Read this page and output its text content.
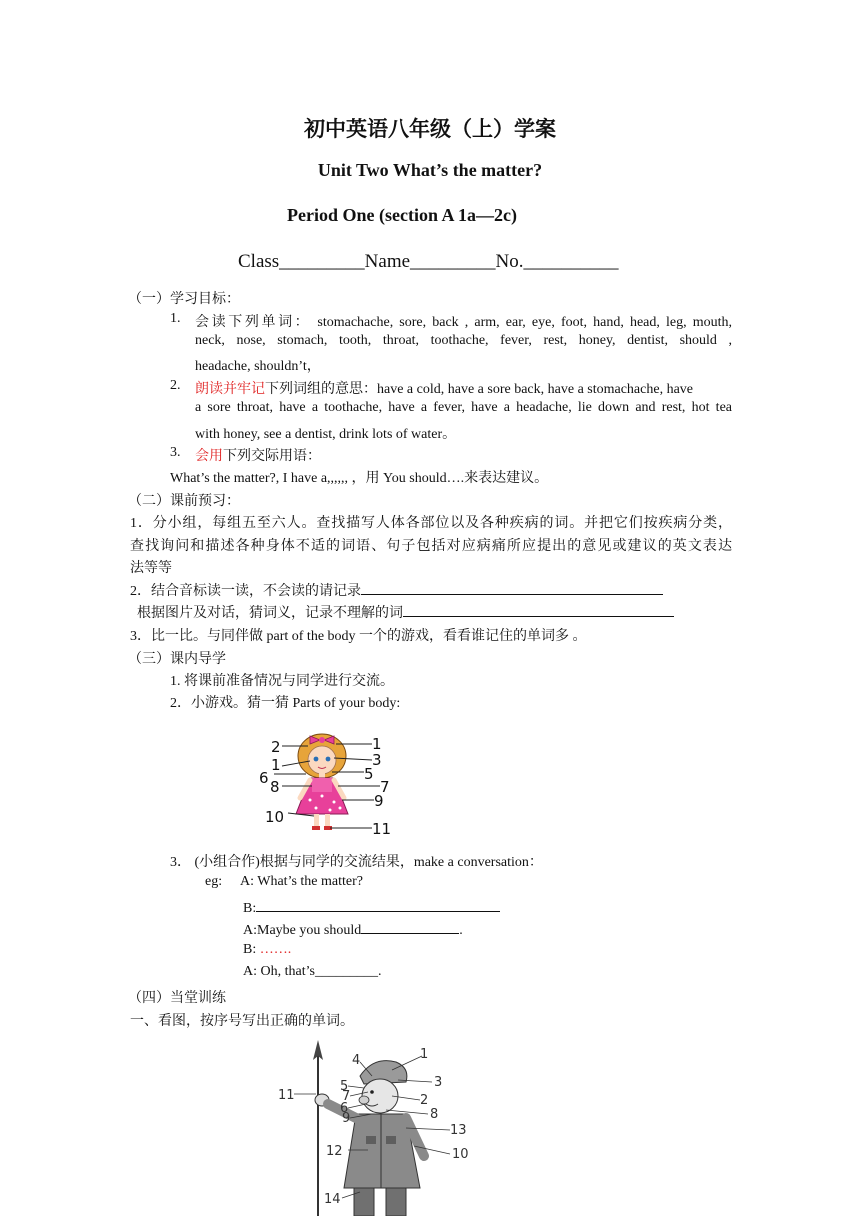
初中英语八年级（上）学案
Unit Two What’s the matter?
Period One (section A 1a—2c)
Class_________Name_________No.__________
（一）学习目标：
1. 会读下列单词： stomachache, sore, back , arm, ear, eye, foot, hand, head, leg, mouth,
neck, nose, stomach, tooth, throat, toothache, fever, rest, honey, dentist, should ,
headache, shouldn’t，
2. 朗读并牢记下列词组的意思：have a cold, have a sore back, have a stomachache, have
a sore throat, have a toothache, have a fever, have a headache, lie down and rest, hot tea
with honey, see a dentist, drink lots of water。
3. 会用下列交际用语：
What’s the matter?, I have a,,,,,, ，用 You should….来表达建议。
（二）课前预习：
1．分小组，每组五至六人。查找描写人体各部位以及各种疾病的词。并把它们按疾病分类，
查找询问和描述各种身体不适的词语、句子包括对应病痛所应提出的意见或建议的英文表达
法等等
2．结合音标读一读，不会读的请记录
根据图片及对话，猜词义，记录不理解的词
3．比一比。与同伴做 part of the body 一个的游戏，看看谁记住的单词多 。
（三）课内导学
1. 将课前准备情况与同学进行交流。
2．小游戏。猜一猜 Parts of your body:
2
1
6 8
10
1
3
5
7
9
11
3． (小组合作)根据与同学的交流结果，make a conversation：
eg: A: What’s the matter?
B:
A:Maybe you should	.
B: …….
A: Oh, that’s_________.
（四）当堂训练
一、看图，按序号写出正确的单词。
4	1
11
5
7
6
3
2
9	8
13
12	10
14
